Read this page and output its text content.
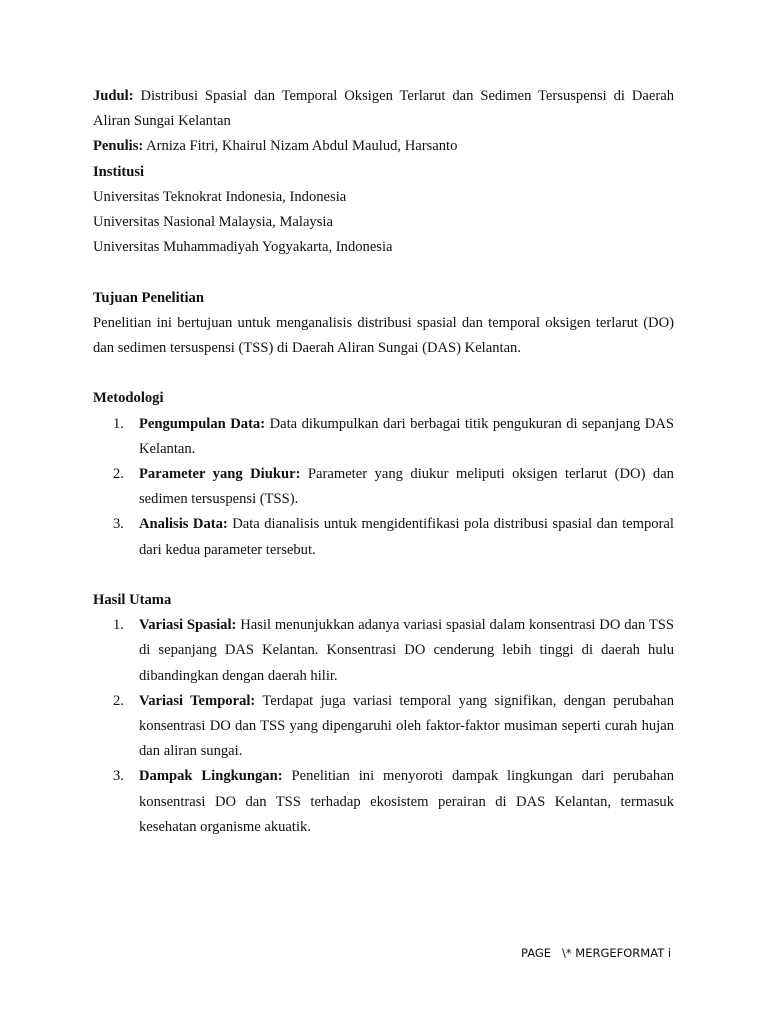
Judul: Distribusi Spasial dan Temporal Oksigen Terlarut dan Sedimen Tersuspensi di Daerah Aliran Sungai Kelantan

Penulis: Arniza Fitri, Khairul Nizam Abdul Maulud, Harsanto

Institusi

Universitas Teknokrat Indonesia, Indonesia

Universitas Nasional Malaysia, Malaysia

Universitas Muhammadiyah Yogyakarta, Indonesia

Tujuan Penelitian

Penelitian ini bertujuan untuk menganalisis distribusi spasial dan temporal oksigen terlarut (DO) dan sedimen tersuspensi (TSS) di Daerah Aliran Sungai (DAS) Kelantan.

Metodologi

1. Pengumpulan Data: Data dikumpulkan dari berbagai titik pengukuran di sepanjang DAS Kelantan.
2. Parameter yang Diukur: Parameter yang diukur meliputi oksigen terlarut (DO) dan sedimen tersuspensi (TSS).
3. Analisis Data: Data dianalisis untuk mengidentifikasi pola distribusi spasial dan temporal dari kedua parameter tersebut.

Hasil Utama

1. Variasi Spasial: Hasil menunjukkan adanya variasi spasial dalam konsentrasi DO dan TSS di sepanjang DAS Kelantan. Konsentrasi DO cenderung lebih tinggi di daerah hulu dibandingkan dengan daerah hilir.
2. Variasi Temporal: Terdapat juga variasi temporal yang signifikan, dengan perubahan konsentrasi DO dan TSS yang dipengaruhi oleh faktor-faktor musiman seperti curah hujan dan aliran sungai.
3. Dampak Lingkungan: Penelitian ini menyoroti dampak lingkungan dari perubahan konsentrasi DO dan TSS terhadap ekosistem perairan di DAS Kelantan, termasuk kesehatan organisme akuatik.
PAGE   \* MERGEFORMAT i
